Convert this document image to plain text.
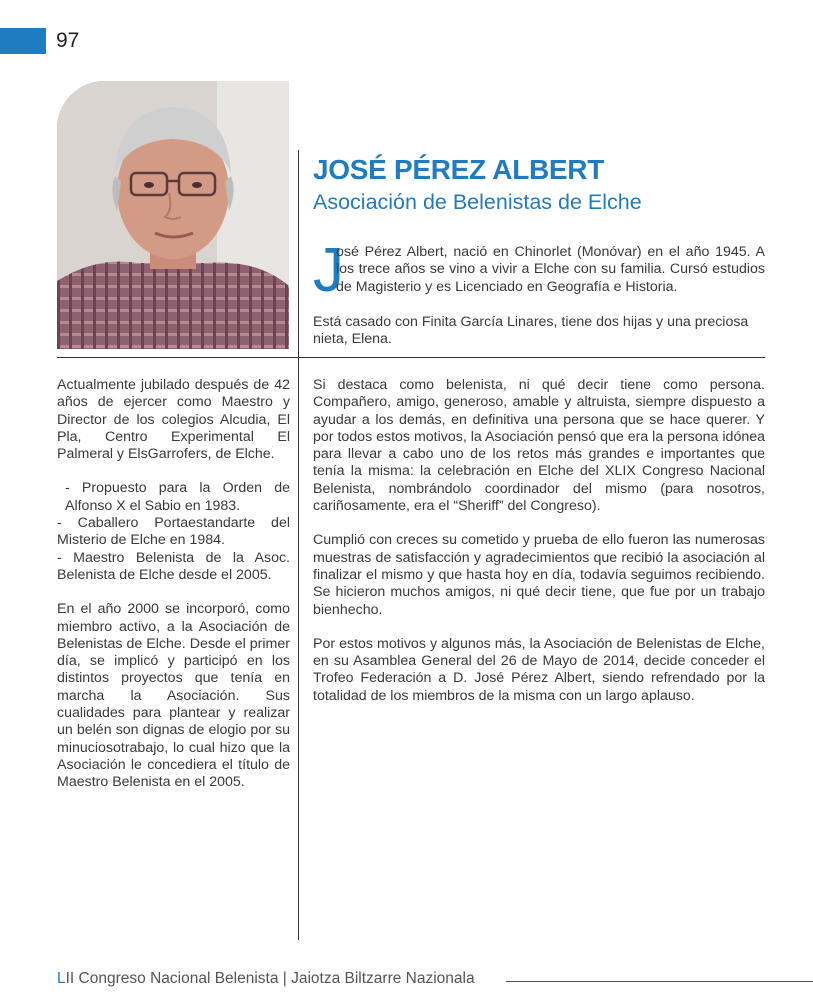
97
JOSÉ PÉREZ ALBERT
Asociación de Belenistas de Elche
J

osé Pérez Albert, nació en Chinorlet (Monóvar) en el año 1945. A los trece años se vino a vivir a Elche con su familia. Cursó estudios de Magisterio y es Licenciado en Geografía e Historia.

Está casado con Finita García Linares, tiene dos hijas y una preciosa nieta, Elena.

Actualmente jubilado después de 42 años de ejercer como Maestro y Director de los colegios Alcudia, El Pla, Centro Experimental El Palmeral y ElsGarrofers, de Elche.

- Propuesto para la Orden de Alfonso X el Sabio en 1983.

- Caballero Portaestandarte del Misterio de Elche en 1984.

- Maestro Belenista de la Asoc. Belenista de Elche desde el 2005.

En el año 2000 se incorporó, como miembro activo, a la Asociación de Belenistas de Elche. Desde el primer día, se implicó y participó en los distintos proyectos que tenía en marcha la Asociación. Sus cualidades para plantear y realizar un belén son dignas de elogio por su minuciosotrabajo, lo cual hizo que la Asociación le concediera el título de Maestro Belenista en el 2005.

Si destaca como belenista, ni qué decir tiene como persona. Compañero, amigo, generoso, amable y altruista, siempre dispuesto a ayudar a los demás, en definitiva una persona que se hace querer. Y por todos estos motivos, la Asociación pensó que era la persona idónea para llevar a cabo uno de los retos más grandes e importantes que tenía la misma: la celebración en Elche del XLIX Congreso Nacional Belenista, nombrándolo coordinador del mismo (para nosotros, cariñosamente, era el “Sheriff” del Congreso).

Cumplió con creces su cometido y prueba de ello fueron las numerosas muestras de satisfacción y agradecimientos que recibió la asociación al finalizar el mismo y que hasta hoy en día, todavía seguimos recibiendo. Se hicieron muchos amigos, ni qué decir tiene, que fue por un trabajo bienhecho.

Por estos motivos y algunos más, la Asociación de Belenistas de Elche, en su Asamblea General del 26 de Mayo de 2014, decide conceder el Trofeo Federación a D. José Pérez Albert, siendo refrendado por la totalidad de los miembros de la misma con un largo aplauso.

LII Congreso Nacional Belenista | Jaiotza Biltzarre Nazionala
